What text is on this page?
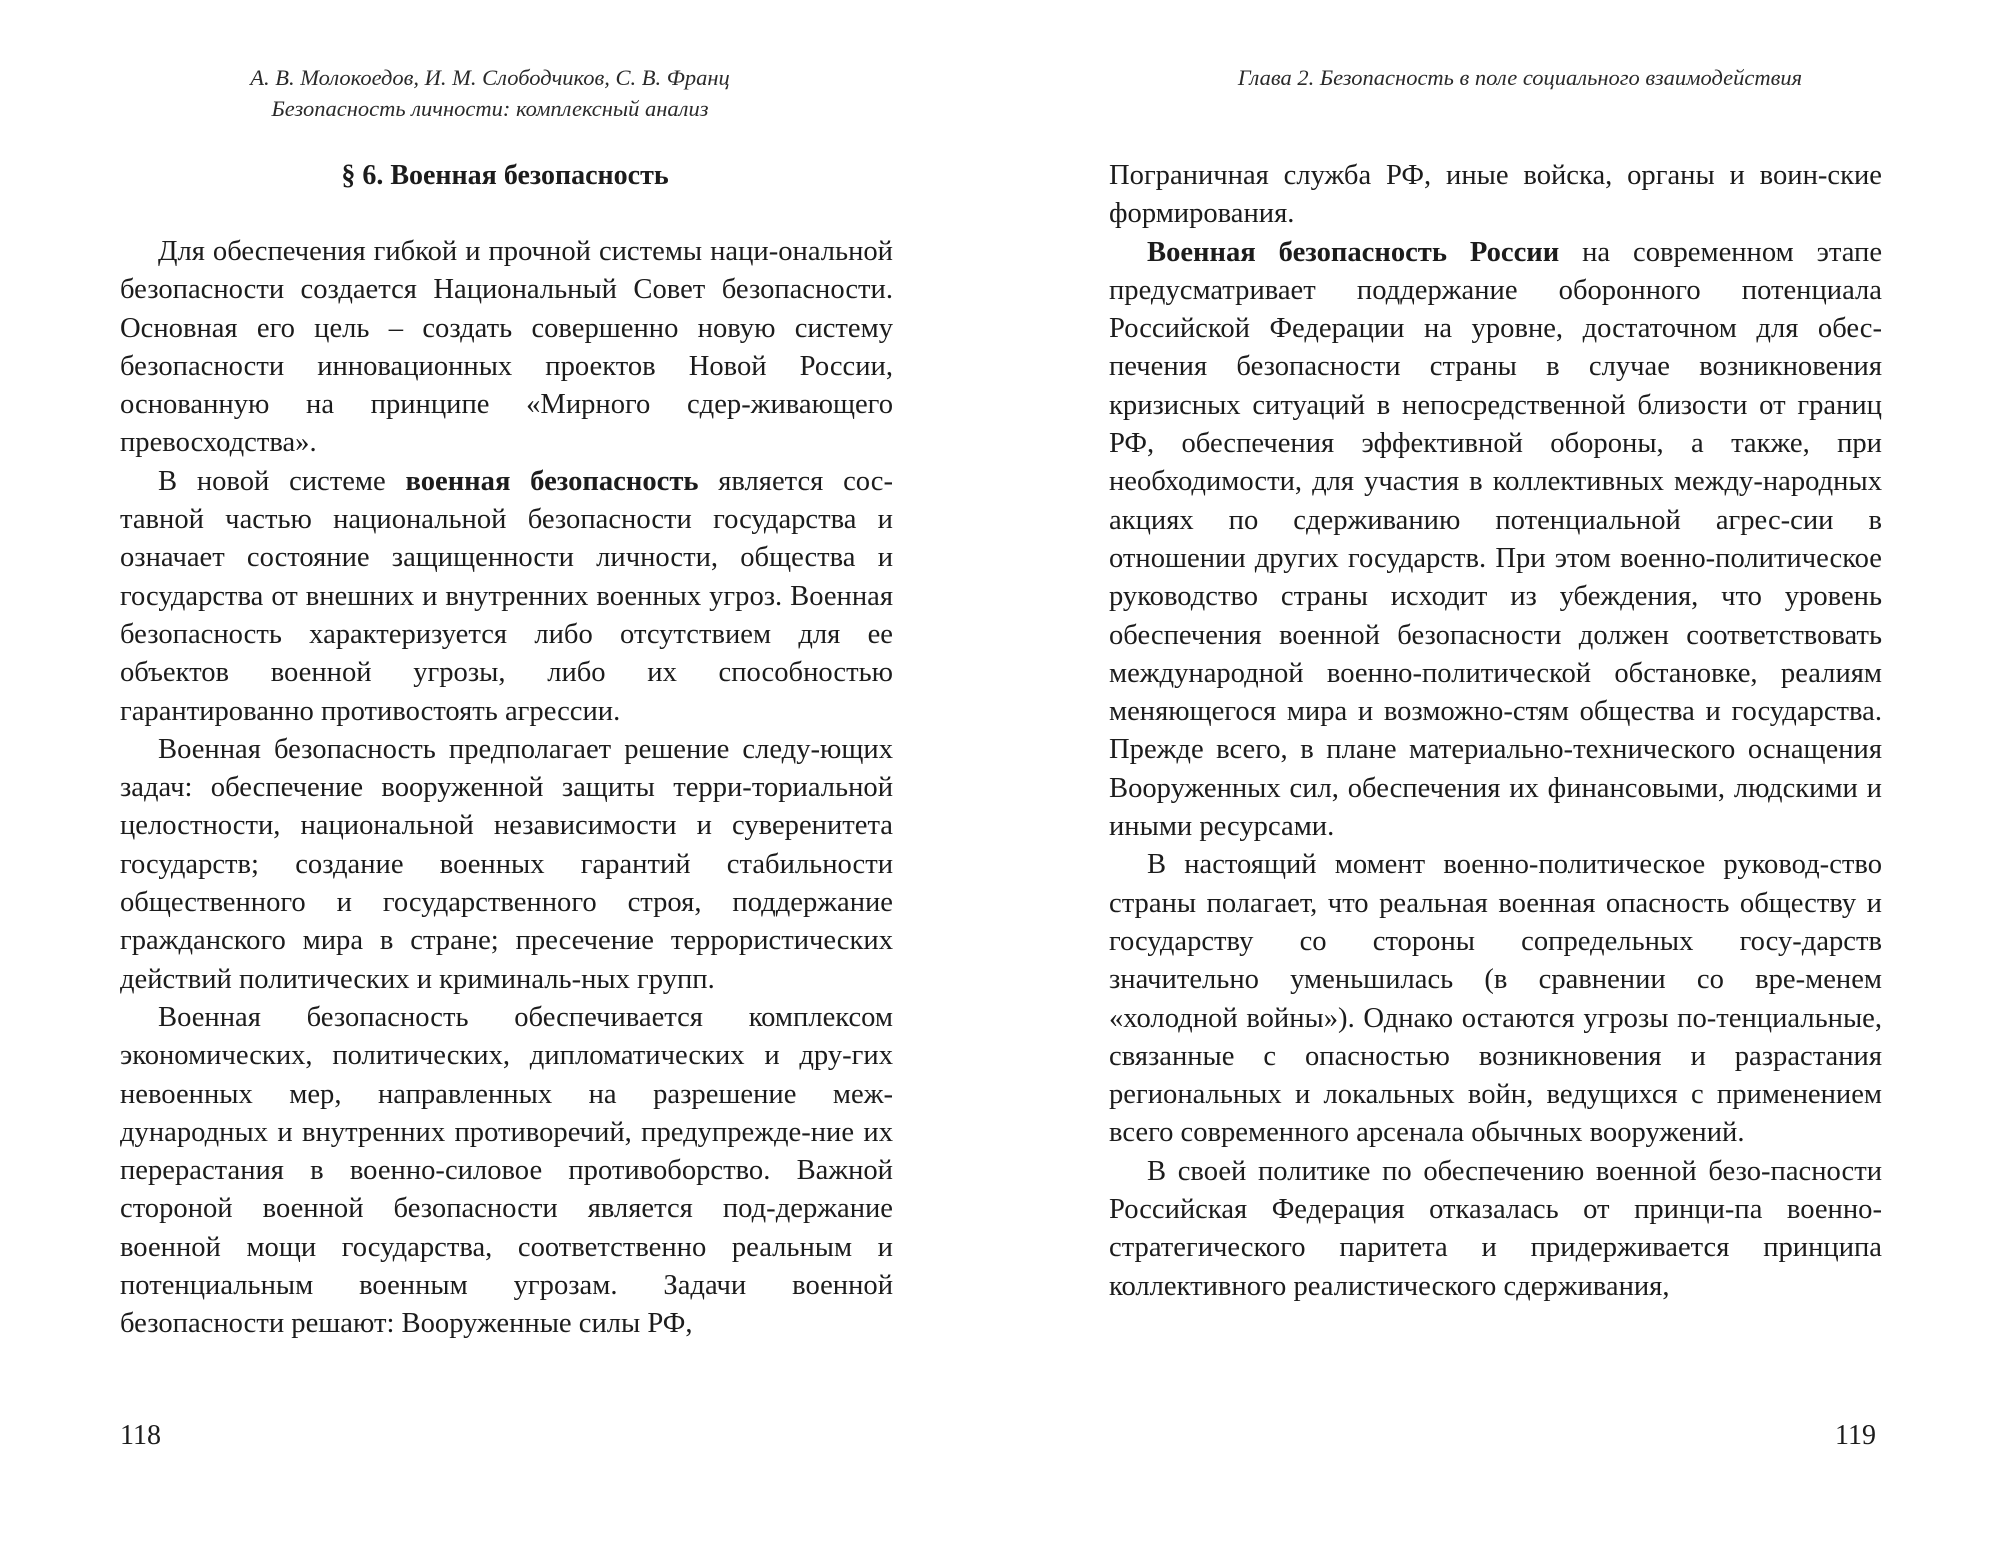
А. В. Молокоедов, И. М. Слободчиков, С. В. Франц
Безопасность личности: комплексный анализ
§ 6. Военная безопасность

Для обеспечения гибкой и прочной системы наци-ональной безопасности создается Национальный Совет безопасности. Основная его цель – создать совершенно новую систему безопасности инновационных проектов Новой России, основанную на принципе «Мирного сдер-живающего превосходства».

В новой системе военная безопасность является сос-тавной частью национальной безопасности государства и означает состояние защищенности личности, общества и государства от внешних и внутренних военных угроз. Военная безопасность характеризуется либо отсутствием для ее объектов военной угрозы, либо их способностью гарантированно противостоять агрессии.

Военная безопасность предполагает решение следу-ющих задач: обеспечение вооруженной защиты терри-ториальной целостности, национальной независимости и суверенитета государств; создание военных гарантий стабильности общественного и государственного строя, поддержание гражданского мира в стране; пресечение террористических действий политических и криминаль-ных групп.

Военная безопасность обеспечивается комплексом экономических, политических, дипломатических и дру-гих невоенных мер, направленных на разрешение меж-дународных и внутренних противоречий, предупрежде-ние их перерастания в военно-силовое противоборство. Важной стороной военной безопасности является под-держание военной мощи государства, соответственно реальным и потенциальным военным угрозам. Задачи военной безопасности решают: Вооруженные силы РФ,

118
Глава 2. Безопасность в поле социального взаимодействия

Пограничная служба РФ, иные войска, органы и воин-ские формирования.

Военная безопасность России на современном этапе предусматривает поддержание оборонного потенциала Российской Федерации на уровне, достаточном для обес-печения безопасности страны в случае возникновения кризисных ситуаций в непосредственной близости от границ РФ, обеспечения эффективной обороны, а также, при необходимости, для участия в коллективных между-народных акциях по сдерживанию потенциальной агрес-сии в отношении других государств. При этом военно-политическое руководство страны исходит из убеждения, что уровень обеспечения военной безопасности должен соответствовать международной военно-политической обстановке, реалиям меняющегося мира и возможно-стям общества и государства. Прежде всего, в плане материально-технического оснащения Вооруженных сил, обеспечения их финансовыми, людскими и иными ресурсами.

В настоящий момент военно-политическое руковод-ство страны полагает, что реальная военная опасность обществу и государству со стороны сопредельных госу-дарств значительно уменьшилась (в сравнении со вре-менем «холодной войны»). Однако остаются угрозы по-тенциальные, связанные с опасностью возникновения и разрастания региональных и локальных войн, ведущихся с применением всего современного арсенала обычных вооружений.

В своей политике по обеспечению военной безо-пасности Российская Федерация отказалась от принци-па военно-стратегического паритета и придерживается принципа коллективного реалистического сдерживания,

119
